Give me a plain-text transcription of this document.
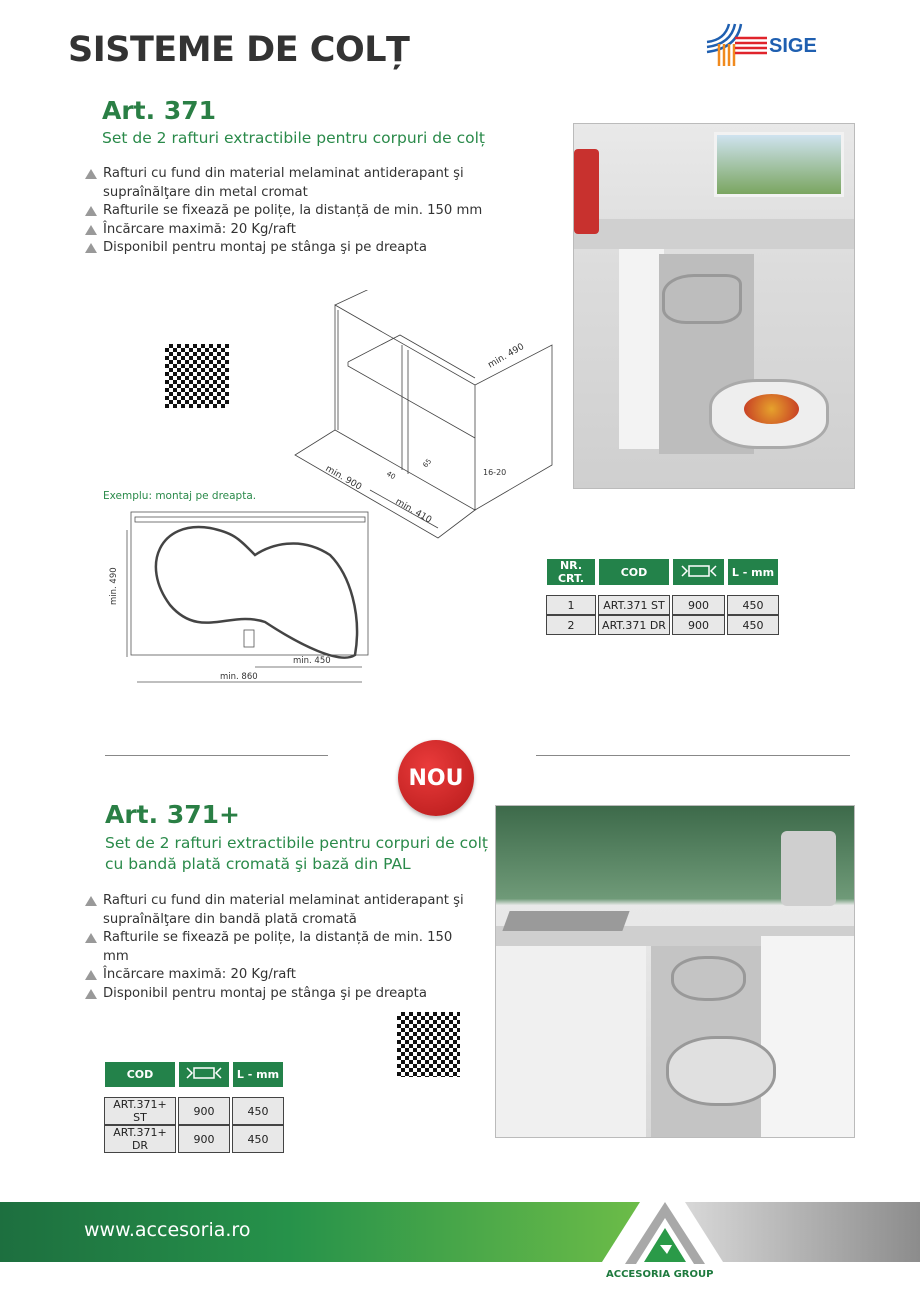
SISTEME DE COLȚ	SIGE
Art. 371
Set de 2 rafturi extractibile pentru corpuri de colț
Rafturi cu fund din material melaminat antiderapant şi supraînălţare din metal cromat
Rafturile se fixează pe polițe, la distanță de min. 150 mm
Încărcare maximă: 20 Kg/raft
Disponibil pentru montaj pe stânga şi pe dreapta
min. 490
min. 900
min. 410
40
65
16-20
Exemplu: montaj pe dreapta.
min. 490
min. 450
min. 860
NR. CRT.	COD		L - mm

1	ART.371 ST	900	450
2	ART.371 DR	900	450
NOU
Art. 371+
Set de 2 rafturi extractibile pentru corpuri de colț
cu bandă plată cromată şi bază din PAL
Rafturi cu fund din material melaminat antiderapant şi supraînălţare din bandă plată cromată
Rafturile se fixează pe polițe, la distanță de min. 150 mm
Încărcare maximă: 20 Kg/raft
Disponibil pentru montaj pe stânga şi pe dreapta
COD		L - mm

ART.371+ ST	900	450
ART.371+ DR	900	450
www.accesoria.ro
ACCESORIA GROUP
